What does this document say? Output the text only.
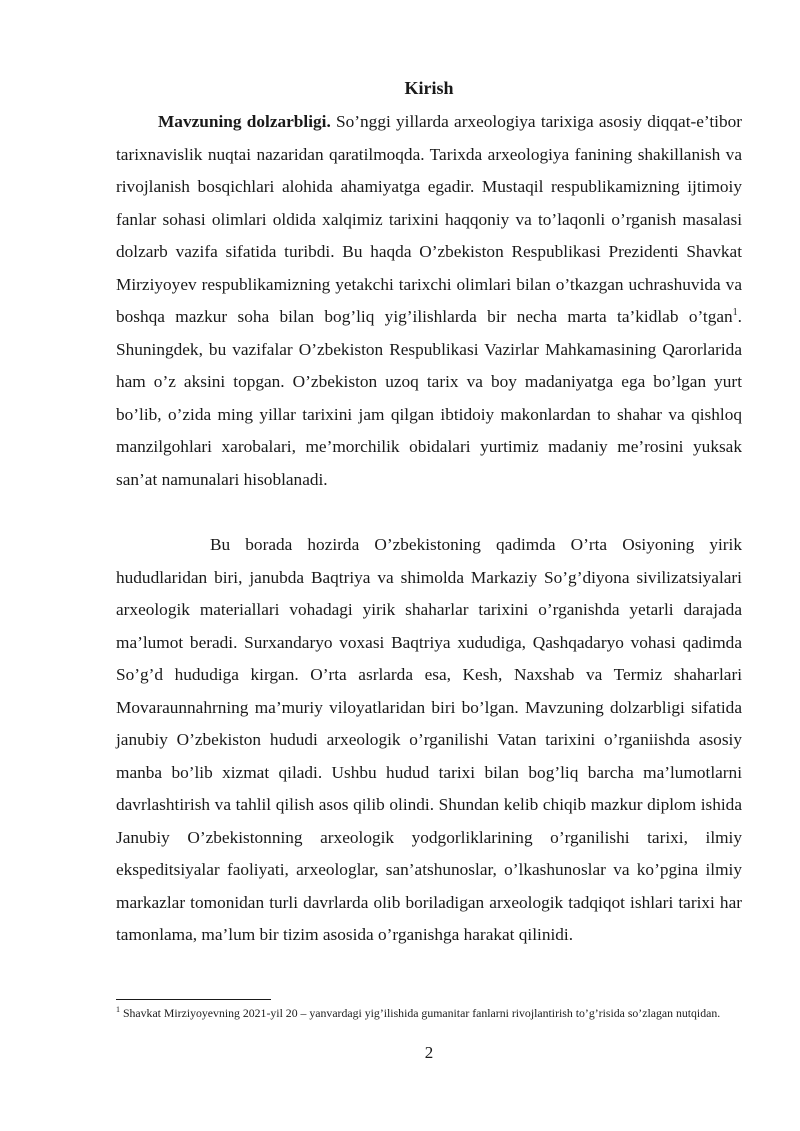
Kirish

Mavzuning dolzarbligi. So’nggi yillarda arxeologiya tarixiga asosiy diqqat-e’tibor tarixnavislik nuqtai nazaridan qaratilmoqda. Tarixda arxeologiya fanining shakillanish va rivojlanish bosqichlari alohida ahamiyatga egadir. Mustaqil respublikamizning ijtimoiy fanlar sohasi olimlari oldida xalqimiz tarixini haqqoniy va to’laqonli o’rganish masalasi dolzarb vazifa sifatida turibdi. Bu haqda O’zbekiston Respublikasi Prezidenti Shavkat Mirziyoyev respublikamizning yetakchi tarixchi olimlari bilan o’tkazgan uchrashuvida va boshqa mazkur soha bilan bog’liq yig’ilishlarda bir necha marta ta’kidlab o’tgan$^1$. Shuningdek, bu vazifalar O’zbekiston Respublikasi Vazirlar Mahkamasining Qarorlarida ham o’z aksini topgan. O’zbekiston uzoq tarix va boy madaniyatga ega bo’lgan yurt bo’lib, o’zida ming yillar tarixini jam qilgan ibtidoiy makonlardan to shahar va qishloq manzilgohlari xarobalari, me’morchilik obidalari yurtimiz madaniy me’rosini yuksak san’at namunalari hisoblanadi.

Bu borada hozirda O’zbekistoning qadimda O’rta Osiyoning yirik hududlaridan biri, janubda Baqtriya va shimolda Markaziy So’g’diyona sivilizatsiyalari arxeologik materiallari vohadagi yirik shaharlar tarixini o’rganishda yetarli darajada ma’lumot beradi. Surxandaryo voxasi Baqtriya xududiga, Qashqadaryo vohasi qadimda So’g’d hududiga kirgan. O’rta asrlarda esa, Kesh, Naxshab va Termiz shaharlari Movaraunnahrning ma’muriy viloyatlaridan biri bo’lgan. Mavzuning dolzarbligi sifatida janubiy O’zbekiston hududi arxeologik o’rganilishi Vatan tarixini o’rganiishda asosiy manba bo’lib xizmat qiladi. Ushbu hudud tarixi bilan bog’liq barcha ma’lumotlarni davrlashtirish va tahlil qilish asos qilib olindi. Shundan kelib chiqib mazkur diplom ishida Janubiy O’zbekistonning arxeologik yodgorliklarining o’rganilishi tarixi, ilmiy ekspeditsiyalar faoliyati, arxeologlar, san’atshunoslar, o’lkashunoslar va ko’pgina ilmiy markazlar tomonidan turli davrlarda olib boriladigan arxeologik tadqiqot ishlari tarixi har tamonlama, ma’lum bir tizim asosida o’rganishga harakat qilinidi.

$^1$ Shavkat Mirziyoyevning 2021-yil 20 – yanvardagi yig’ilishida gumanitar fanlarni rivojlantirish to’g’risida so’zlagan nutqidan.

2
